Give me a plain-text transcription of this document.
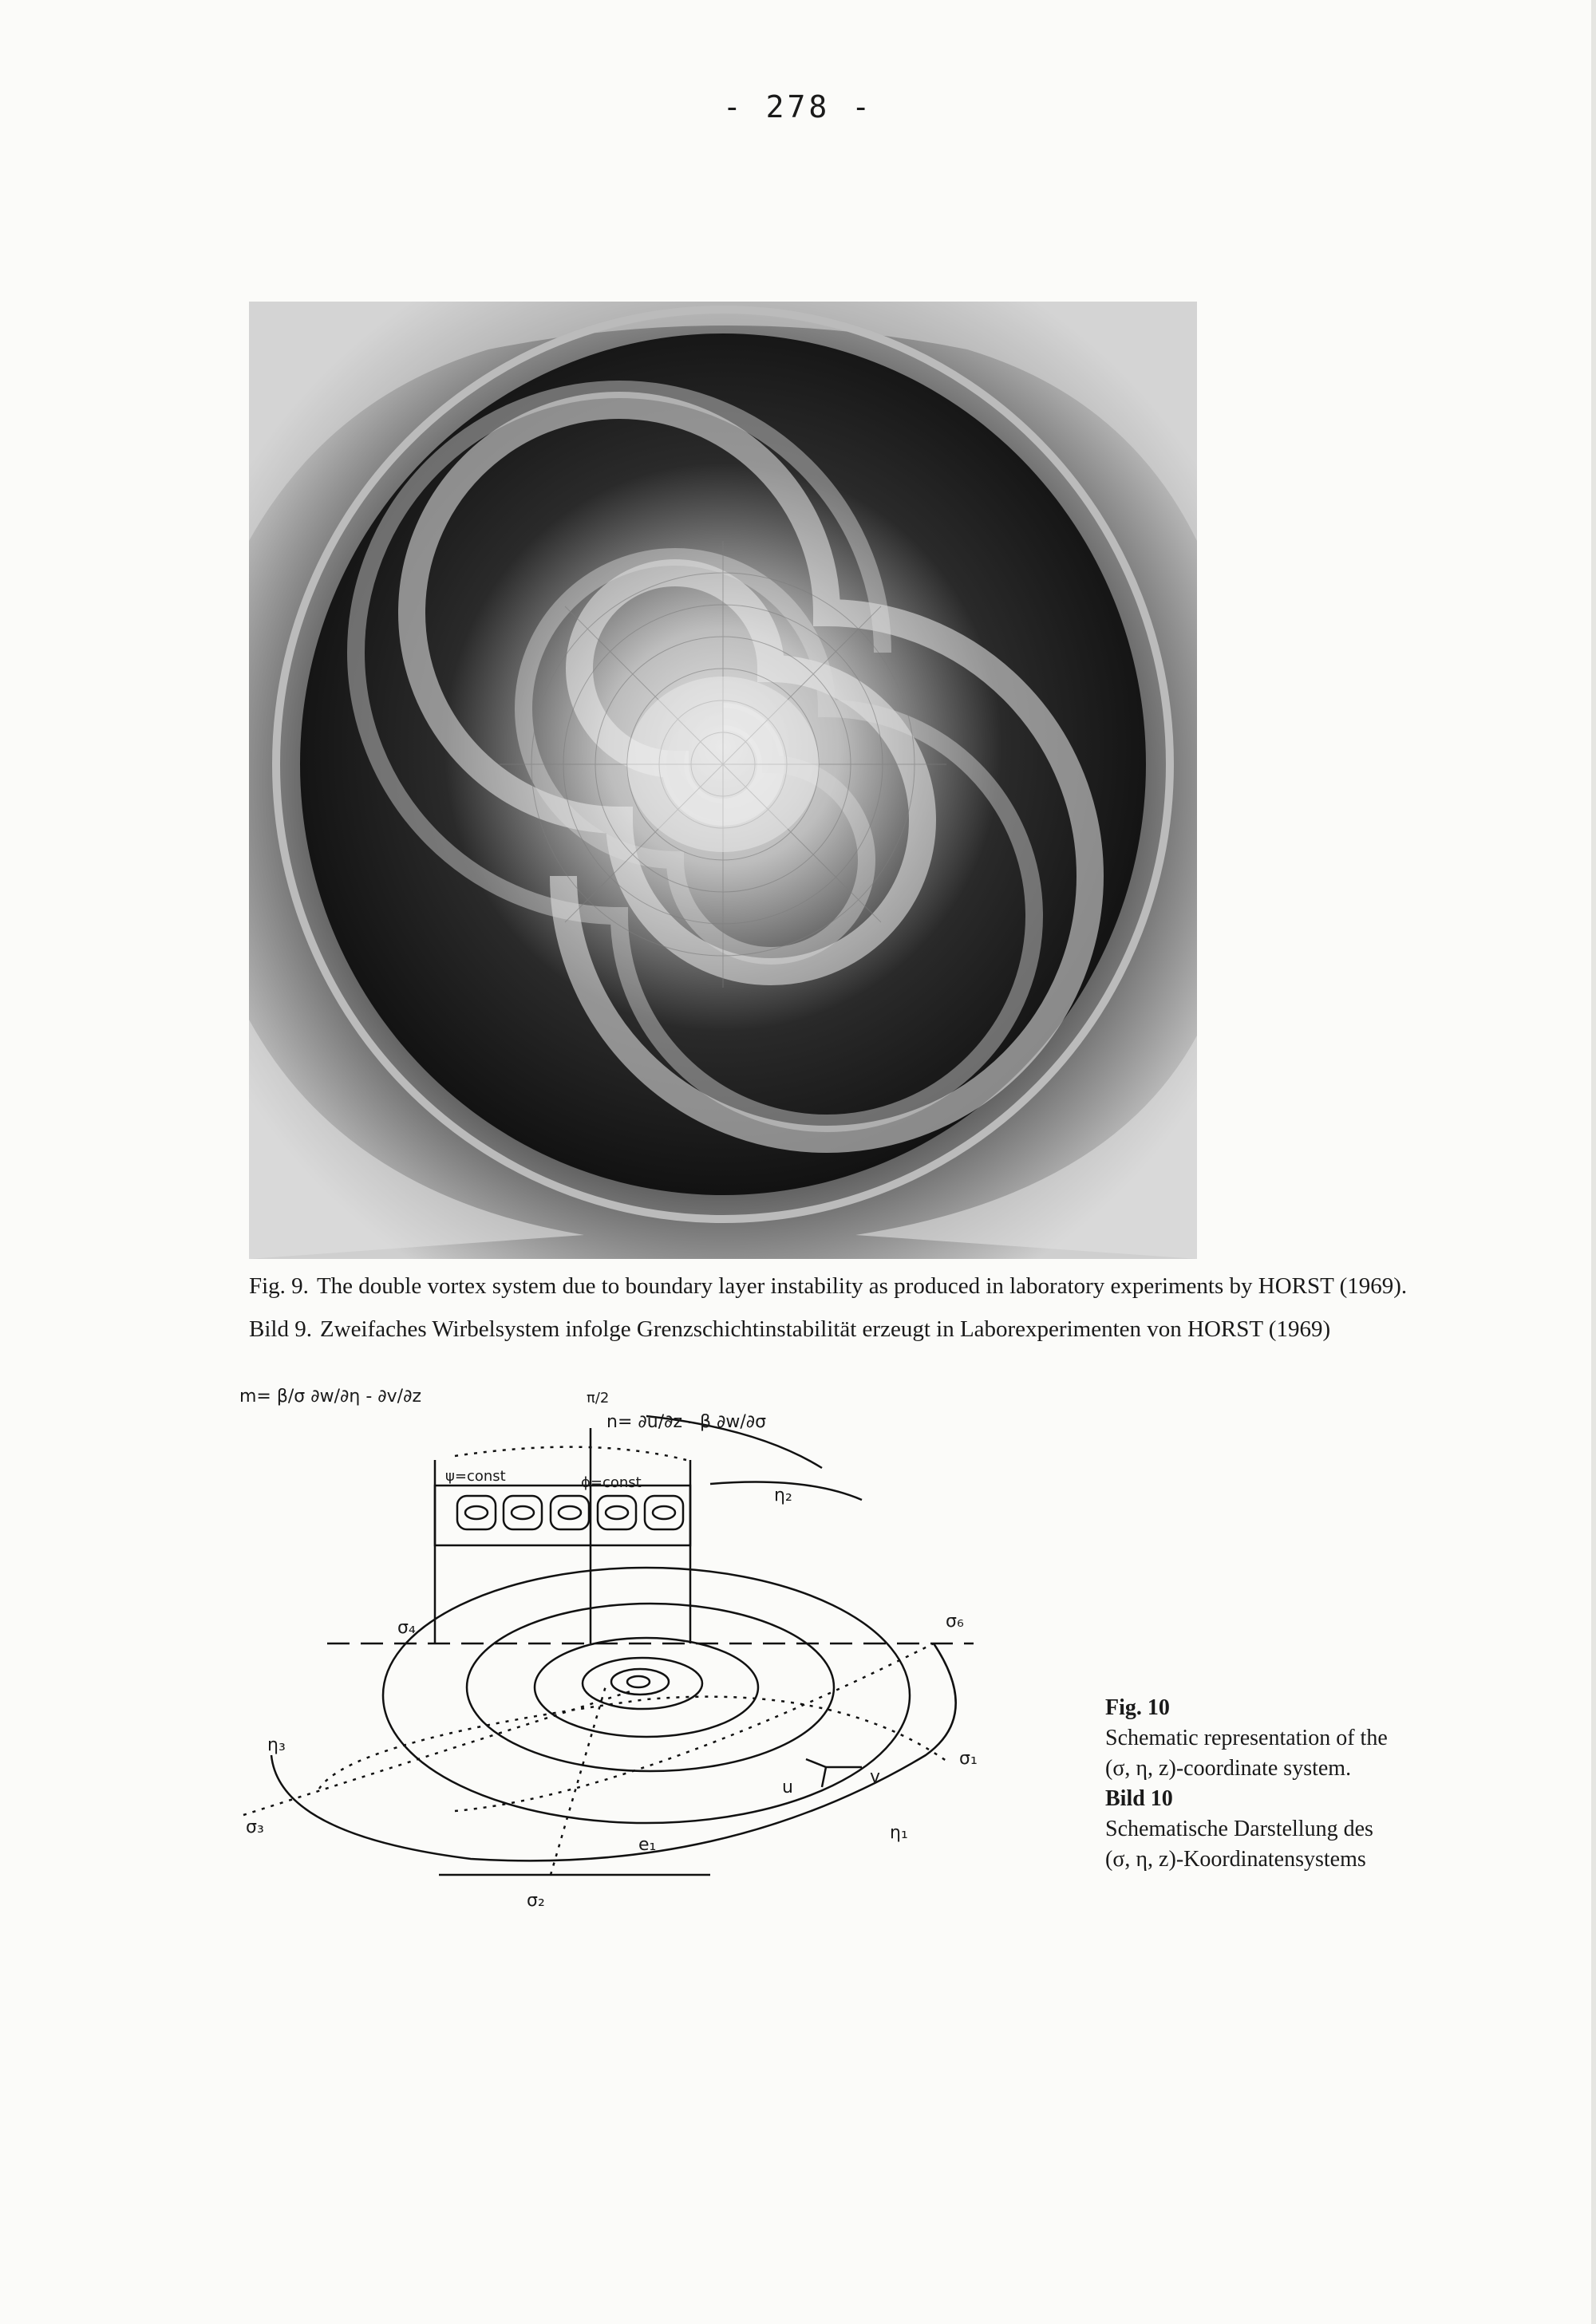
- 278 -
Fig. 9. The double vortex system due to boundary layer instability as produced in laboratory experiments by HORST (1969).
Bild 9. Zweifaches Wirbelsystem infolge Grenzschichtinstabilität erzeugt in Laborexperimenten von HORST (1969)
m= β/σ ∂w/∂η - ∂v/∂z
n= ∂u/∂z - β ∂w/∂σ
ϕ=const
ψ=const
π/2
η₂
σ₆
σ₄
η₃
σ₃
σ₁
η₁
u
v
e₁
σ₂
Fig. 10
Schematic representation of the
(σ, η, z)-coordinate system.
Bild 10
Schematische Darstellung des
(σ, η, z)-Koordinatensystems
